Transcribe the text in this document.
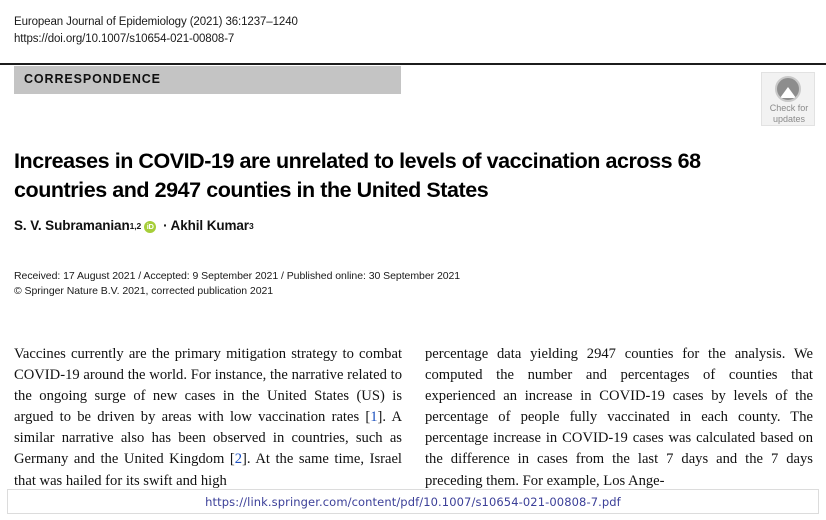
European Journal of Epidemiology (2021) 36:1237–1240
https://doi.org/10.1007/s10654-021-00808-7
CORRESPONDENCE
Check for
updates
Increases in COVID-19 are unrelated to levels of vaccination across 68 countries and 2947 counties in the United States
S. V. Subramanian 1,2 iD · Akhil Kumar 3
Received: 17 August 2021 / Accepted: 9 September 2021 / Published online: 30 September 2021
© Springer Nature B.V. 2021, corrected publication 2021

Vaccines currently are the primary mitigation strategy to combat COVID-19 around the world. For instance, the narrative related to the ongoing surge of new cases in the United States (US) is argued to be driven by areas with low vaccination rates [1]. A similar narrative also has been observed in countries, such as Germany and the United Kingdom [2]. At the same time, Israel that was hailed for its swift and high

percentage data yielding 2947 counties for the analysis. We computed the number and percentages of counties that experienced an increase in COVID-19 cases by levels of the percentage of people fully vaccinated in each county. The percentage increase in COVID-19 cases was calculated based on the difference in cases from the last 7 days and the 7 days preceding them. For example, Los Ange-

https://link.springer.com/content/pdf/10.1007/s10654-021-00808-7.pdf
